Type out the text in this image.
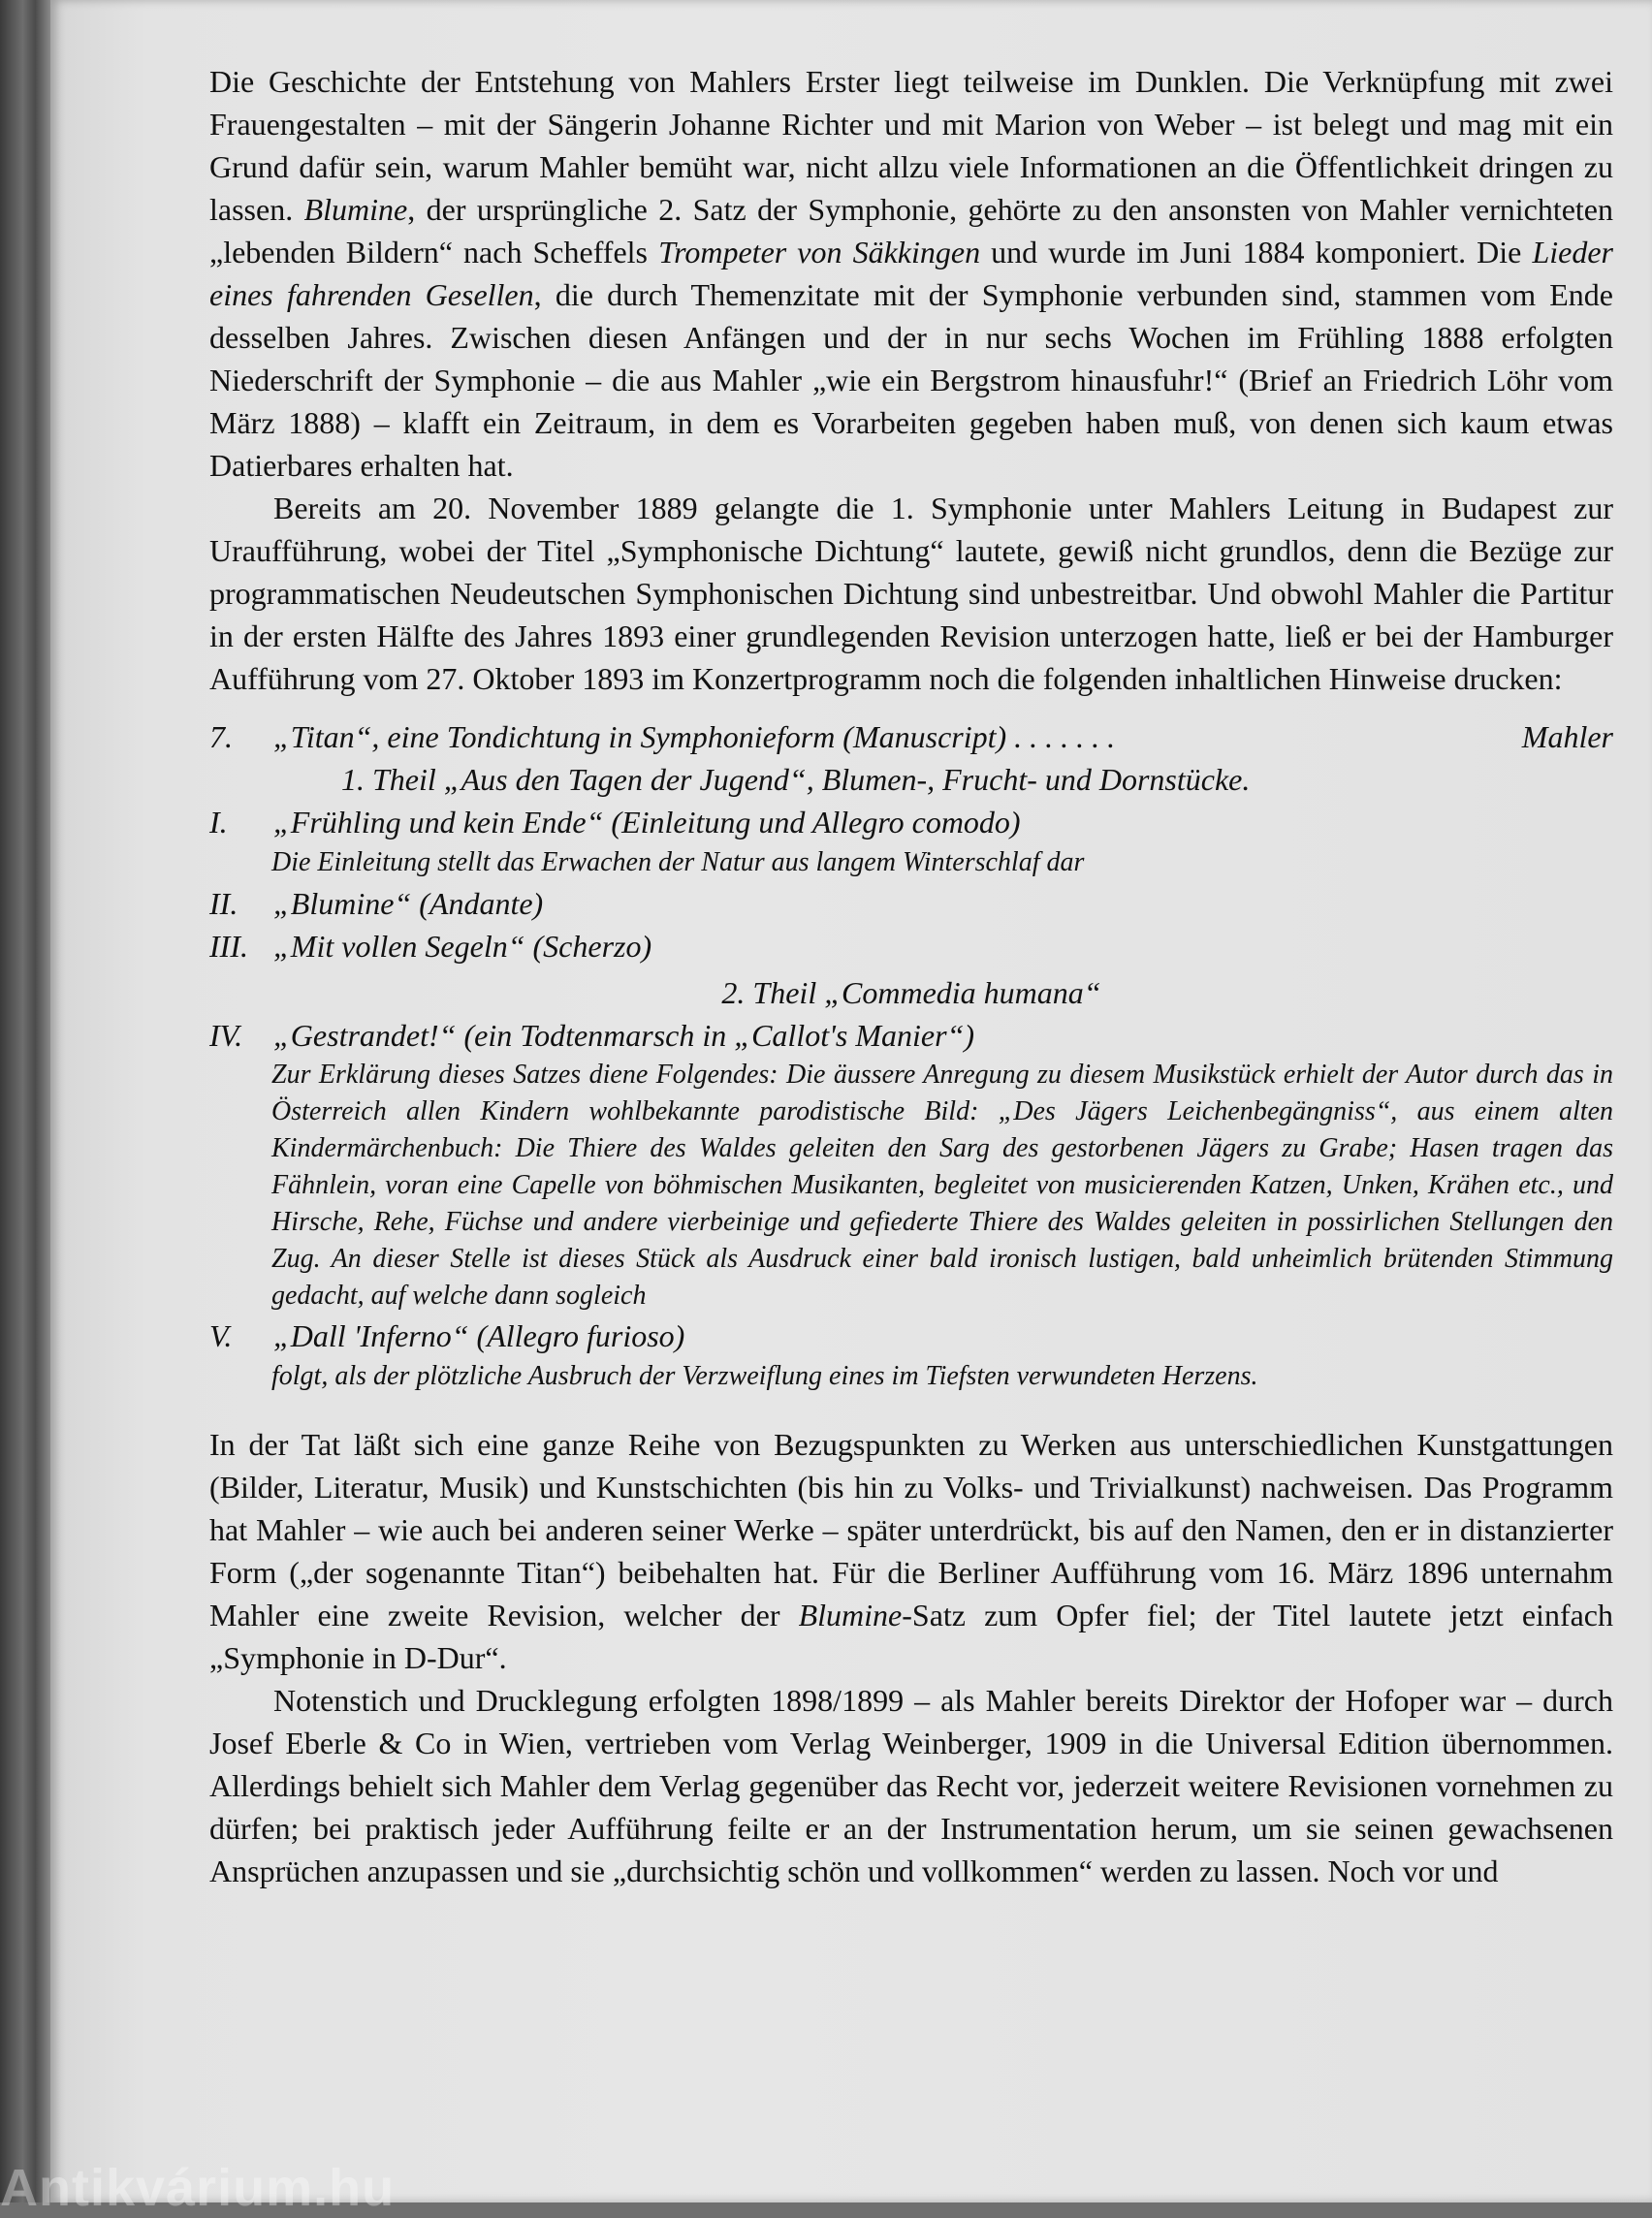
Die Geschichte der Entstehung von Mahlers Erster liegt teilweise im Dunklen. Die Verknüpfung mit zwei Frauengestalten – mit der Sängerin Johanne Richter und mit Marion von Weber – ist belegt und mag mit ein Grund dafür sein, warum Mahler bemüht war, nicht allzu viele Informationen an die Öffentlichkeit dringen zu lassen. Blumine, der ursprüngliche 2. Satz der Symphonie, gehörte zu den ansonsten von Mahler vernichteten „lebenden Bildern“ nach Scheffels Trompeter von Säkkingen und wurde im Juni 1884 komponiert. Die Lieder eines fahrenden Gesellen, die durch Themenzitate mit der Symphonie verbunden sind, stammen vom Ende desselben Jahres. Zwischen diesen Anfängen und der in nur sechs Wochen im Frühling 1888 erfolgten Niederschrift der Symphonie – die aus Mahler „wie ein Bergstrom hinausfuhr!“ (Brief an Friedrich Löhr vom März 1888) – klafft ein Zeitraum, in dem es Vorarbeiten gegeben haben muß, von denen sich kaum etwas Datierbares erhalten hat.

Bereits am 20. November 1889 gelangte die 1. Symphonie unter Mahlers Leitung in Budapest zur Uraufführung, wobei der Titel „Symphonische Dichtung“ lautete, gewiß nicht grundlos, denn die Bezüge zur programmatischen Neudeutschen Symphonischen Dichtung sind unbestreitbar. Und obwohl Mahler die Partitur in der ersten Hälfte des Jahres 1893 einer grundlegenden Revision unterzogen hatte, ließ er bei der Hamburger Aufführung vom 27. Oktober 1893 im Konzertprogramm noch die folgenden inhaltlichen Hinweise drucken:

7.	„Titan“, eine Tondichtung in Symphonieform (Manuscript) . . . . . . .	Mahler
1. Theil „Aus den Tagen der Jugend“, Blumen-, Frucht- und Dornstücke.
I.	„Frühling und kein Ende“ (Einleitung und Allegro comodo)
Die Einleitung stellt das Erwachen der Natur aus langem Winterschlaf dar
II.	„Blumine“ (Andante)
III. „Mit vollen Segeln“ (Scherzo)
2. Theil „Commedia humana“
IV. „Gestrandet!“ (ein Todtenmarsch in „Callot's Manier“)
Zur Erklärung dieses Satzes diene Folgendes: Die äussere Anregung zu diesem Musikstück erhielt der Autor durch das in Österreich allen Kindern wohlbekannte parodistische Bild: „Des Jägers Leichenbegängniss“, aus einem alten Kindermärchenbuch: Die Thiere des Waldes geleiten den Sarg des gestorbenen Jägers zu Grabe; Hasen tragen das Fähnlein, voran eine Capelle von böhmischen Musikanten, begleitet von musicierenden Katzen, Unken, Krähen etc., und Hirsche, Rehe, Füchse und andere vierbeinige und gefiederte Thiere des Waldes geleiten in possirlichen Stellungen den Zug. An dieser Stelle ist dieses Stück als Ausdruck einer bald ironisch lustigen, bald unheimlich brütenden Stimmung gedacht, auf welche dann sogleich
V.	„Dall 'Inferno“ (Allegro furioso)
folgt, als der plötzliche Ausbruch der Verzweiflung eines im Tiefsten verwundeten Herzens.

In der Tat läßt sich eine ganze Reihe von Bezugspunkten zu Werken aus unterschiedlichen Kunstgattungen (Bilder, Literatur, Musik) und Kunstschichten (bis hin zu Volks- und Trivialkunst) nachweisen. Das Programm hat Mahler – wie auch bei anderen seiner Werke – später unterdrückt, bis auf den Namen, den er in distanzierter Form („der sogenannte Titan“) beibehalten hat. Für die Berliner Aufführung vom 16. März 1896 unternahm Mahler eine zweite Revision, welcher der Blumine-Satz zum Opfer fiel; der Titel lautete jetzt einfach „Symphonie in D-Dur“.

Notenstich und Drucklegung erfolgten 1898/1899 – als Mahler bereits Direktor der Hofoper war – durch Josef Eberle & Co in Wien, vertrieben vom Verlag Weinberger, 1909 in die Universal Edition übernommen. Allerdings behielt sich Mahler dem Verlag gegenüber das Recht vor, jederzeit weitere Revisionen vornehmen zu dürfen; bei praktisch jeder Aufführung feilte er an der Instrumentation herum, um sie seinen gewachsenen Ansprüchen anzupassen und sie „durchsichtig schön und vollkommen“ werden zu lassen. Noch vor und

Antikvárium.hu
